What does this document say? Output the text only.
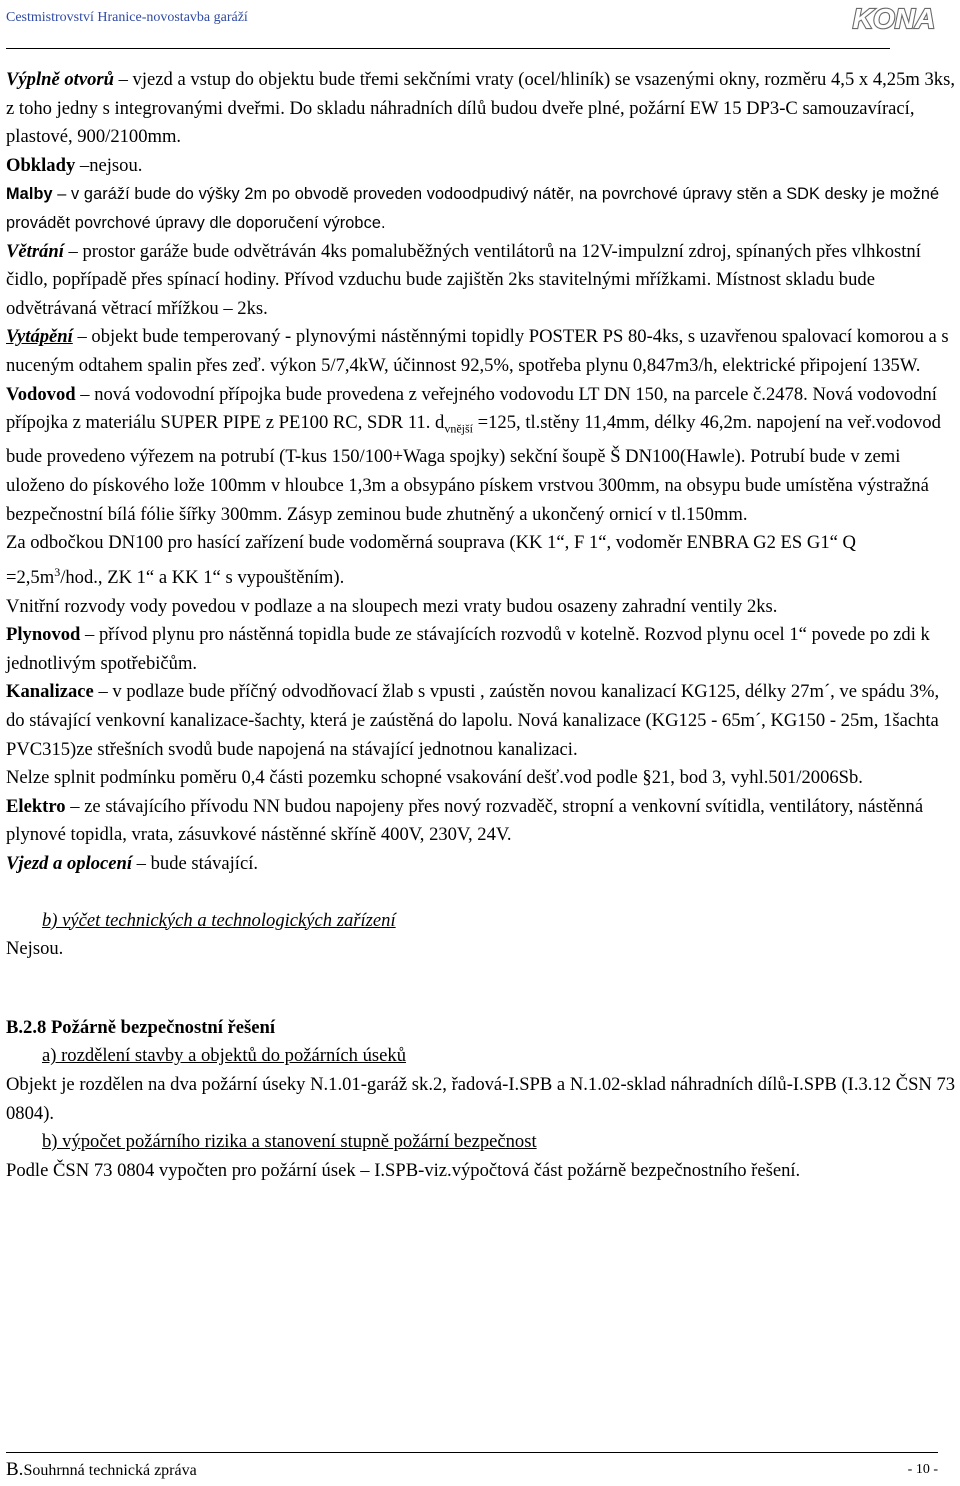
Cestmistrovství Hranice-novostavba garáží	KONA

Výplně otvorů – vjezd a vstup do objektu bude třemi sekčními vraty (ocel/hliník) se vsazenými okny, rozměru 4,5 x 4,25m 3ks, z toho jedny s integrovanými dveřmi. Do skladu náhradních dílů budou dveře plné, požární EW 15 DP3-C samouzavírací, plastové, 900/2100mm.

Obklady –nejsou.

Malby – v garáží bude do výšky 2m po obvodě proveden vodoodpudivý nátěr, na povrchové úpravy stěn a SDK desky je možné provádět povrchové úpravy dle doporučení výrobce.

Větrání – prostor garáže bude odvětráván 4ks pomaluběžných ventilátorů na 12V-impulzní zdroj, spínaných přes vlhkostní čidlo, popřípadě přes spínací hodiny. Přívod vzduchu bude zajištěn 2ks stavitelnými mřížkami. Místnost skladu bude odvětrávaná větrací mřížkou – 2ks.

Vytápění – objekt bude temperovaný - plynovými nástěnnými topidly POSTER PS 80-4ks, s uzavřenou spalovací komorou a s nuceným odtahem spalin přes zeď. výkon 5/7,4kW, účinnost 92,5%, spotřeba plynu 0,847m3/h, elektrické připojení 135W.

Vodovod – nová vodovodní přípojka bude provedena z veřejného vodovodu LT DN 150, na parcele č.2478. Nová vodovodní přípojka z materiálu SUPER PIPE z PE100 RC, SDR 11. $d_{vnější} =125$, tl.stěny 11,4mm, délky 46,2m. napojení na veř.vodovod bude provedeno výřezem na potrubí (T-kus 150/100+Waga spojky) sekční šoupě Š DN100(Hawle). Potrubí bude v zemi uloženo do pískového lože 100mm v hloubce 1,3m a obsypáno pískem vrstvou 300mm, na obsypu bude umístěna výstražná bezpečnostní bílá fólie šířky 300mm. Zásyp zeminou bude zhutněný a ukončený ornicí v tl.150mm.

Za odbočkou DN100 pro hasící zařízení bude vodoměrná souprava (KK 1“, F 1“, vodoměr ENBRA G2 ES G1“ $Q =2,5m^3$/hod., ZK 1“ a KK 1“ s vypouštěním).

Vnitřní rozvody vody povedou v podlaze a na sloupech mezi vraty budou osazeny zahradní ventily 2ks.

Plynovod – přívod plynu pro nástěnná topidla bude ze stávajících rozvodů v kotelně. Rozvod plynu ocel 1“ povede po zdi k jednotlivým spotřebičům.

Kanalizace – v podlaze bude příčný odvodňovací žlab s vpusti , zaústěn novou kanalizací KG125, délky 27m´, ve spádu 3%, do stávající venkovní kanalizace-šachty, která je zaústěná do lapolu. Nová kanalizace (KG125 - 65m´, KG150 - 25m, 1šachta PVC315)ze střešních svodů bude napojená na stávající jednotnou kanalizaci.

Nelze splnit podmínku poměru 0,4 části pozemku schopné vsakování dešť.vod podle §21, bod 3, vyhl.501/2006Sb.

Elektro – ze stávajícího přívodu NN budou napojeny přes nový rozvaděč, stropní a venkovní svítidla, ventilátory, nástěnná plynové topidla, vrata, zásuvkové nástěnné skříně 400V, 230V, 24V.

Vjezd a oplocení – bude stávající.

b) výčet technických a technologických zařízení

Nejsou.

B.2.8 Požárně bezpečnostní řešení

a) rozdělení stavby a objektů do požárních úseků

Objekt je rozdělen na dva požární úseky N.1.01-garáž sk.2, řadová-I.SPB a N.1.02-sklad náhradních dílů-I.SPB (I.3.12 ČSN 73 0804).

b) výpočet požárního rizika a stanovení stupně požární bezpečnost

Podle ČSN 73 0804 vypočten pro požární úsek – I.SPB-viz.výpočtová část požárně bezpečnostního řešení.

B.Souhrnná technická zpráva	- 10 -
